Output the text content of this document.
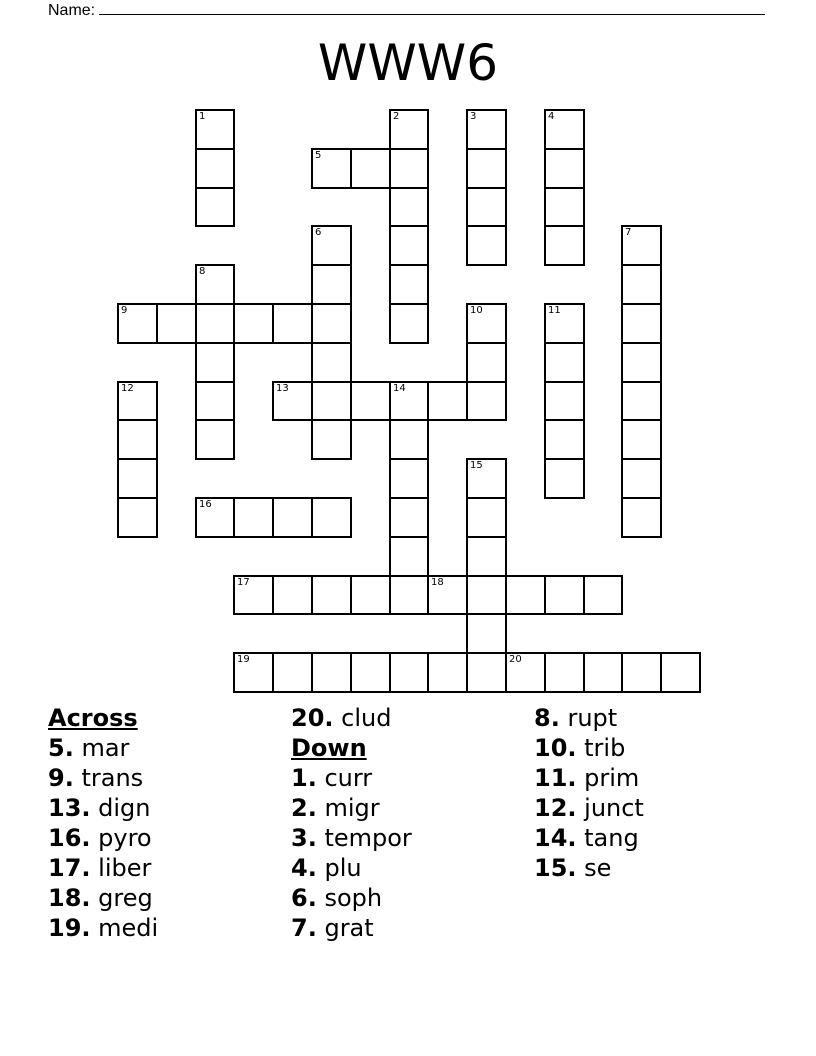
Name:
WWW6
1	2	3	4
5
6	7
8
9	10	11
12	13	14
15
16
17	18
19	20
Across
5. mar
9. trans
13. dign
16. pyro
17. liber
18. greg
19. medi
20. clud
Down
1. curr
2. migr
3. tempor
4. plu
6. soph
7. grat
8. rupt
10. trib
11. prim
12. junct
14. tang
15. se
